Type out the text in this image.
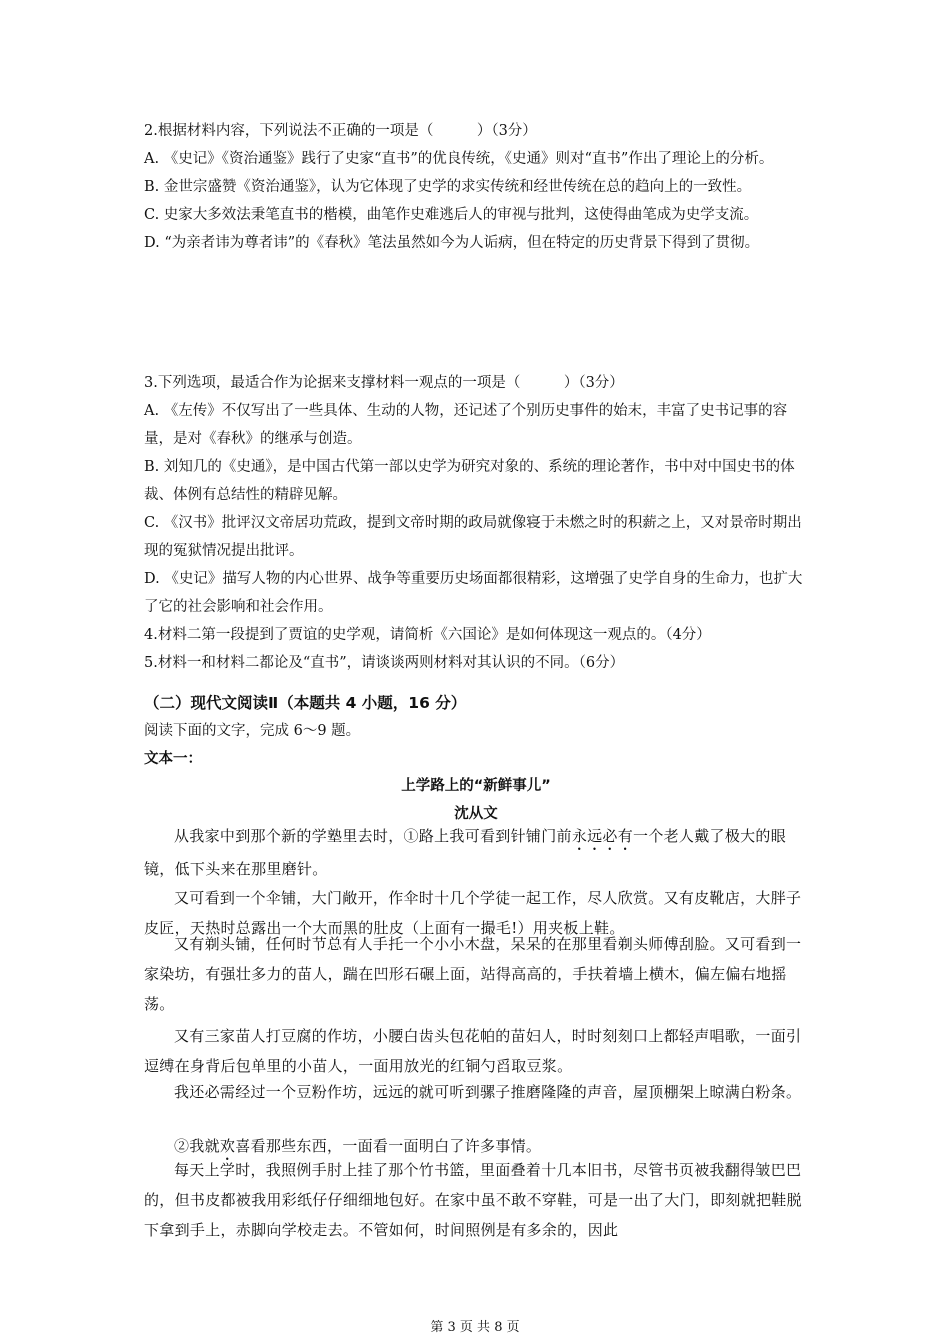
2.根据材料内容，下列说法不正确的一项是（　　　）（3分）
A. 《史记》《资治通鉴》践行了史家“直书”的优良传统，《史通》则对“直书”作出了理论上的分析。
B. 金世宗盛赞《资治通鉴》，认为它体现了史学的求实传统和经世传统在总的趋向上的一致性。
C. 史家大多效法秉笔直书的楷模，曲笔作史难逃后人的审视与批判，这使得曲笔成为史学支流。
D. “为亲者讳为尊者讳”的《春秋》笔法虽然如今为人诟病，但在特定的历史背景下得到了贯彻。
3.下列选项，最适合作为论据来支撑材料一观点的一项是（　　　）（3分）
A. 《左传》不仅写出了一些具体、生动的人物，还记述了个别历史事件的始末，丰富了史书记事的容量，是对《春秋》的继承与创造。
B. 刘知几的《史通》，是中国古代第一部以史学为研究对象的、系统的理论著作，书中对中国史书的体裁、体例有总结性的精辟见解。
C. 《汉书》批评汉文帝居功荒政，提到文帝时期的政局就像寝于未燃之时的积薪之上，又对景帝时期出现的冤狱情况提出批评。
D. 《史记》描写人物的内心世界、战争等重要历史场面都很精彩，这增强了史学自身的生命力，也扩大了它的社会影响和社会作用。
4.材料二第一段提到了贾谊的史学观，请简析《六国论》是如何体现这一观点的。（4分）
5.材料一和材料二都论及“直书”，请谈谈两则材料对其认识的不同。（6分）
（二）现代文阅读Ⅱ（本题共 4 小题，16 分）
阅读下面的文字，完成 6～9 题。
文本一：
上学路上的“新鲜事儿”
沈从文
从我家中到那个新的学塾里去时，①路上我可看到针铺门前永远必有一个老人戴了极大的眼镜，低下头来在那里磨针。
又可看到一个伞铺，大门敞开，作伞时十几个学徒一起工作，尽人欣赏。又有皮靴店，大胖子皮匠，天热时总露出一个大而黑的肚皮（上面有一撮毛!）用夹板上鞋。
又有剃头铺，任何时节总有人手托一个小小木盘，呆呆的在那里看剃头师傅刮脸。又可看到一家染坊，有强壮多力的苗人，踹在凹形石碾上面，站得高高的，手扶着墙上横木，偏左偏右地摇荡。
又有三家苗人打豆腐的作坊，小腰白齿头包花帕的苗妇人，时时刻刻口上都轻声唱歌，一面引逗缚在身背后包单里的小苗人，一面用放光的红铜勺舀取豆浆。
我还必需经过一个豆粉作坊，远远的就可听到骡子推磨隆隆的声音，屋顶棚架上晾满白粉条。
②我就欢喜看那些东西，一面看一面明白了许多事情。
每天上学时，我照例手肘上挂了那个竹书篮，里面叠着十几本旧书，尽管书页被我翻得皱巴巴的，但书皮都被我用彩纸仔仔细细地包好。在家中虽不敢不穿鞋，可是一出了大门，即刻就把鞋脱下拿到手上，赤脚向学校走去。不管如何，时间照例是有多余的，因此
第 3 页 共 8 页
